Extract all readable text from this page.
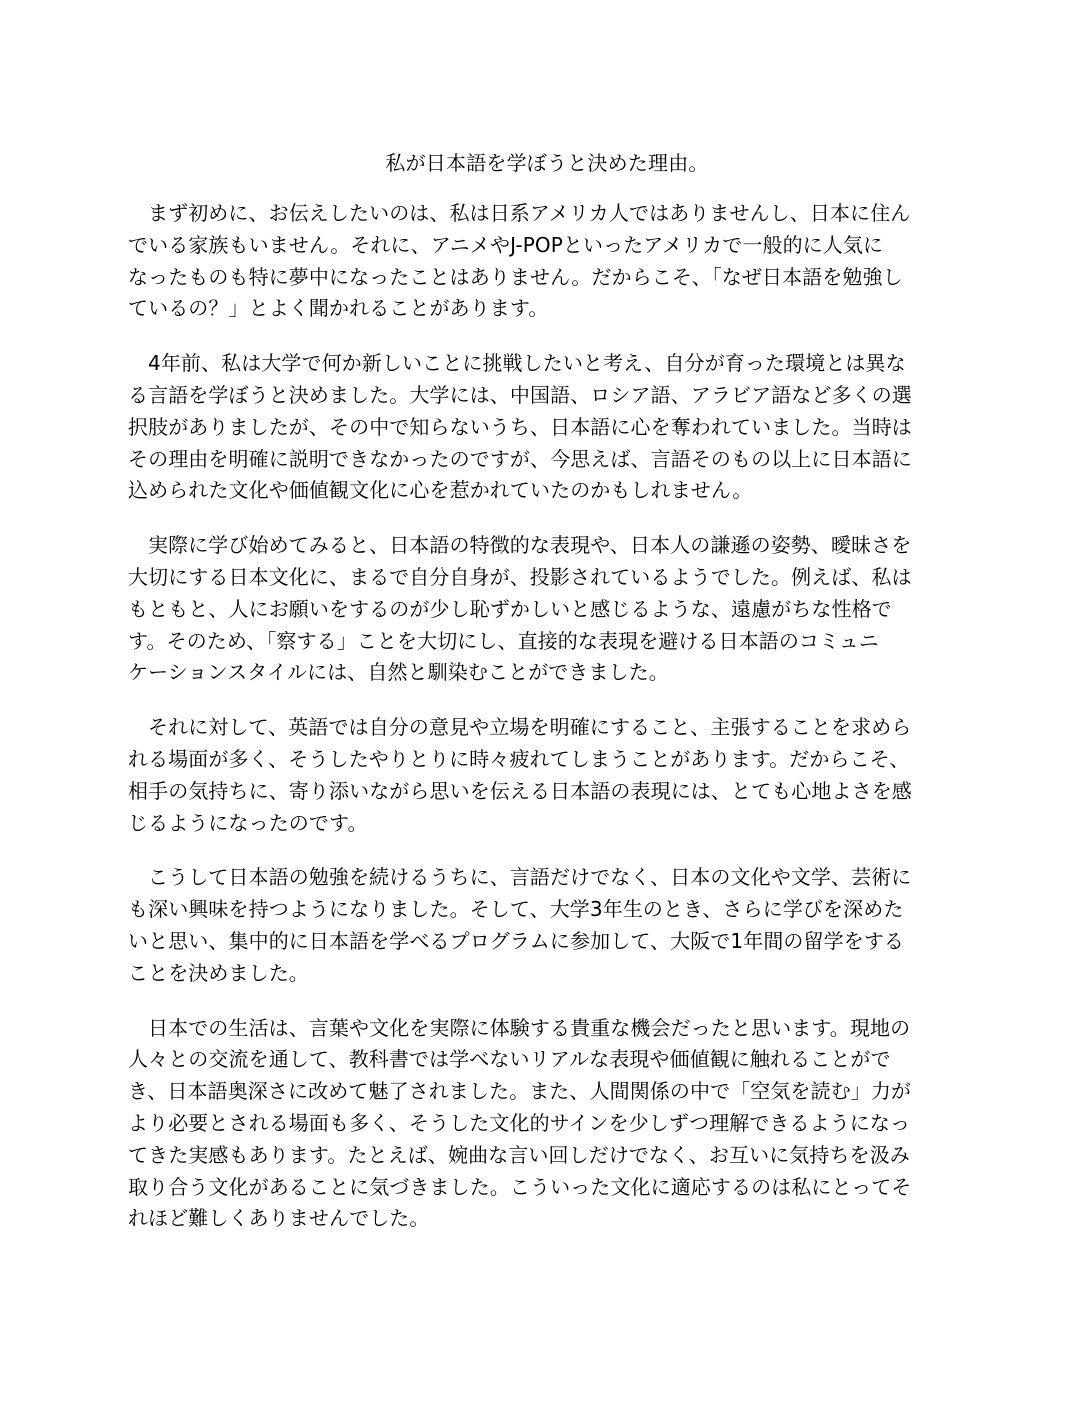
私が日本語を学ぼうと決めた理由。
まず初めに、お伝えしたいのは、私は日系アメリカ人ではありませんし、日本に住ん
でいる家族もいません。それに、アニメやJ-POPといったアメリカで一般的に人気に
なったものも特に夢中になったことはありません。だからこそ、「なぜ日本語を勉強し
ているの？」とよく聞かれることがあります。
4年前、私は大学で何か新しいことに挑戦したいと考え、自分が育った環境とは異な
る言語を学ぼうと決めました。大学には、中国語、ロシア語、アラビア語など多くの選
択肢がありましたが、その中で知らないうち、日本語に心を奪われていました。当時は
その理由を明確に説明できなかったのですが、今思えば、言語そのもの以上に日本語に
込められた文化や価値観文化に心を惹かれていたのかもしれません。
実際に学び始めてみると、日本語の特徴的な表現や、日本人の謙遜の姿勢、曖昧さを
大切にする日本文化に、まるで自分自身が、投影されているようでした。例えば、私は
もともと、人にお願いをするのが少し恥ずかしいと感じるような、遠慮がちな性格で
す。そのため、「察する」ことを大切にし、直接的な表現を避ける日本語のコミュニ
ケーションスタイルには、自然と馴染むことができました。
それに対して、英語では自分の意見や立場を明確にすること、主張することを求めら
れる場面が多く、そうしたやりとりに時々疲れてしまうことがあります。だからこそ、
相手の気持ちに、寄り添いながら思いを伝える日本語の表現には、とても心地よさを感
じるようになったのです。
こうして日本語の勉強を続けるうちに、言語だけでなく、日本の文化や文学、芸術に
も深い興味を持つようになりました。そして、大学3年生のとき、さらに学びを深めた
いと思い、集中的に日本語を学べるプログラムに参加して、大阪で1年間の留学をする
ことを決めました。
日本での生活は、言葉や文化を実際に体験する貴重な機会だったと思います。現地の
人々との交流を通して、教科書では学べないリアルな表現や価値観に触れることがで
き、日本語奥深さに改めて魅了されました。また、人間関係の中で「空気を読む」力が
より必要とされる場面も多く、そうした文化的サインを少しずつ理解できるようになっ
てきた実感もあります。たとえば、婉曲な言い回しだけでなく、お互いに気持ちを汲み
取り合う文化があることに気づきました。こういった文化に適応するのは私にとってそ
れほど難しくありませんでした。
